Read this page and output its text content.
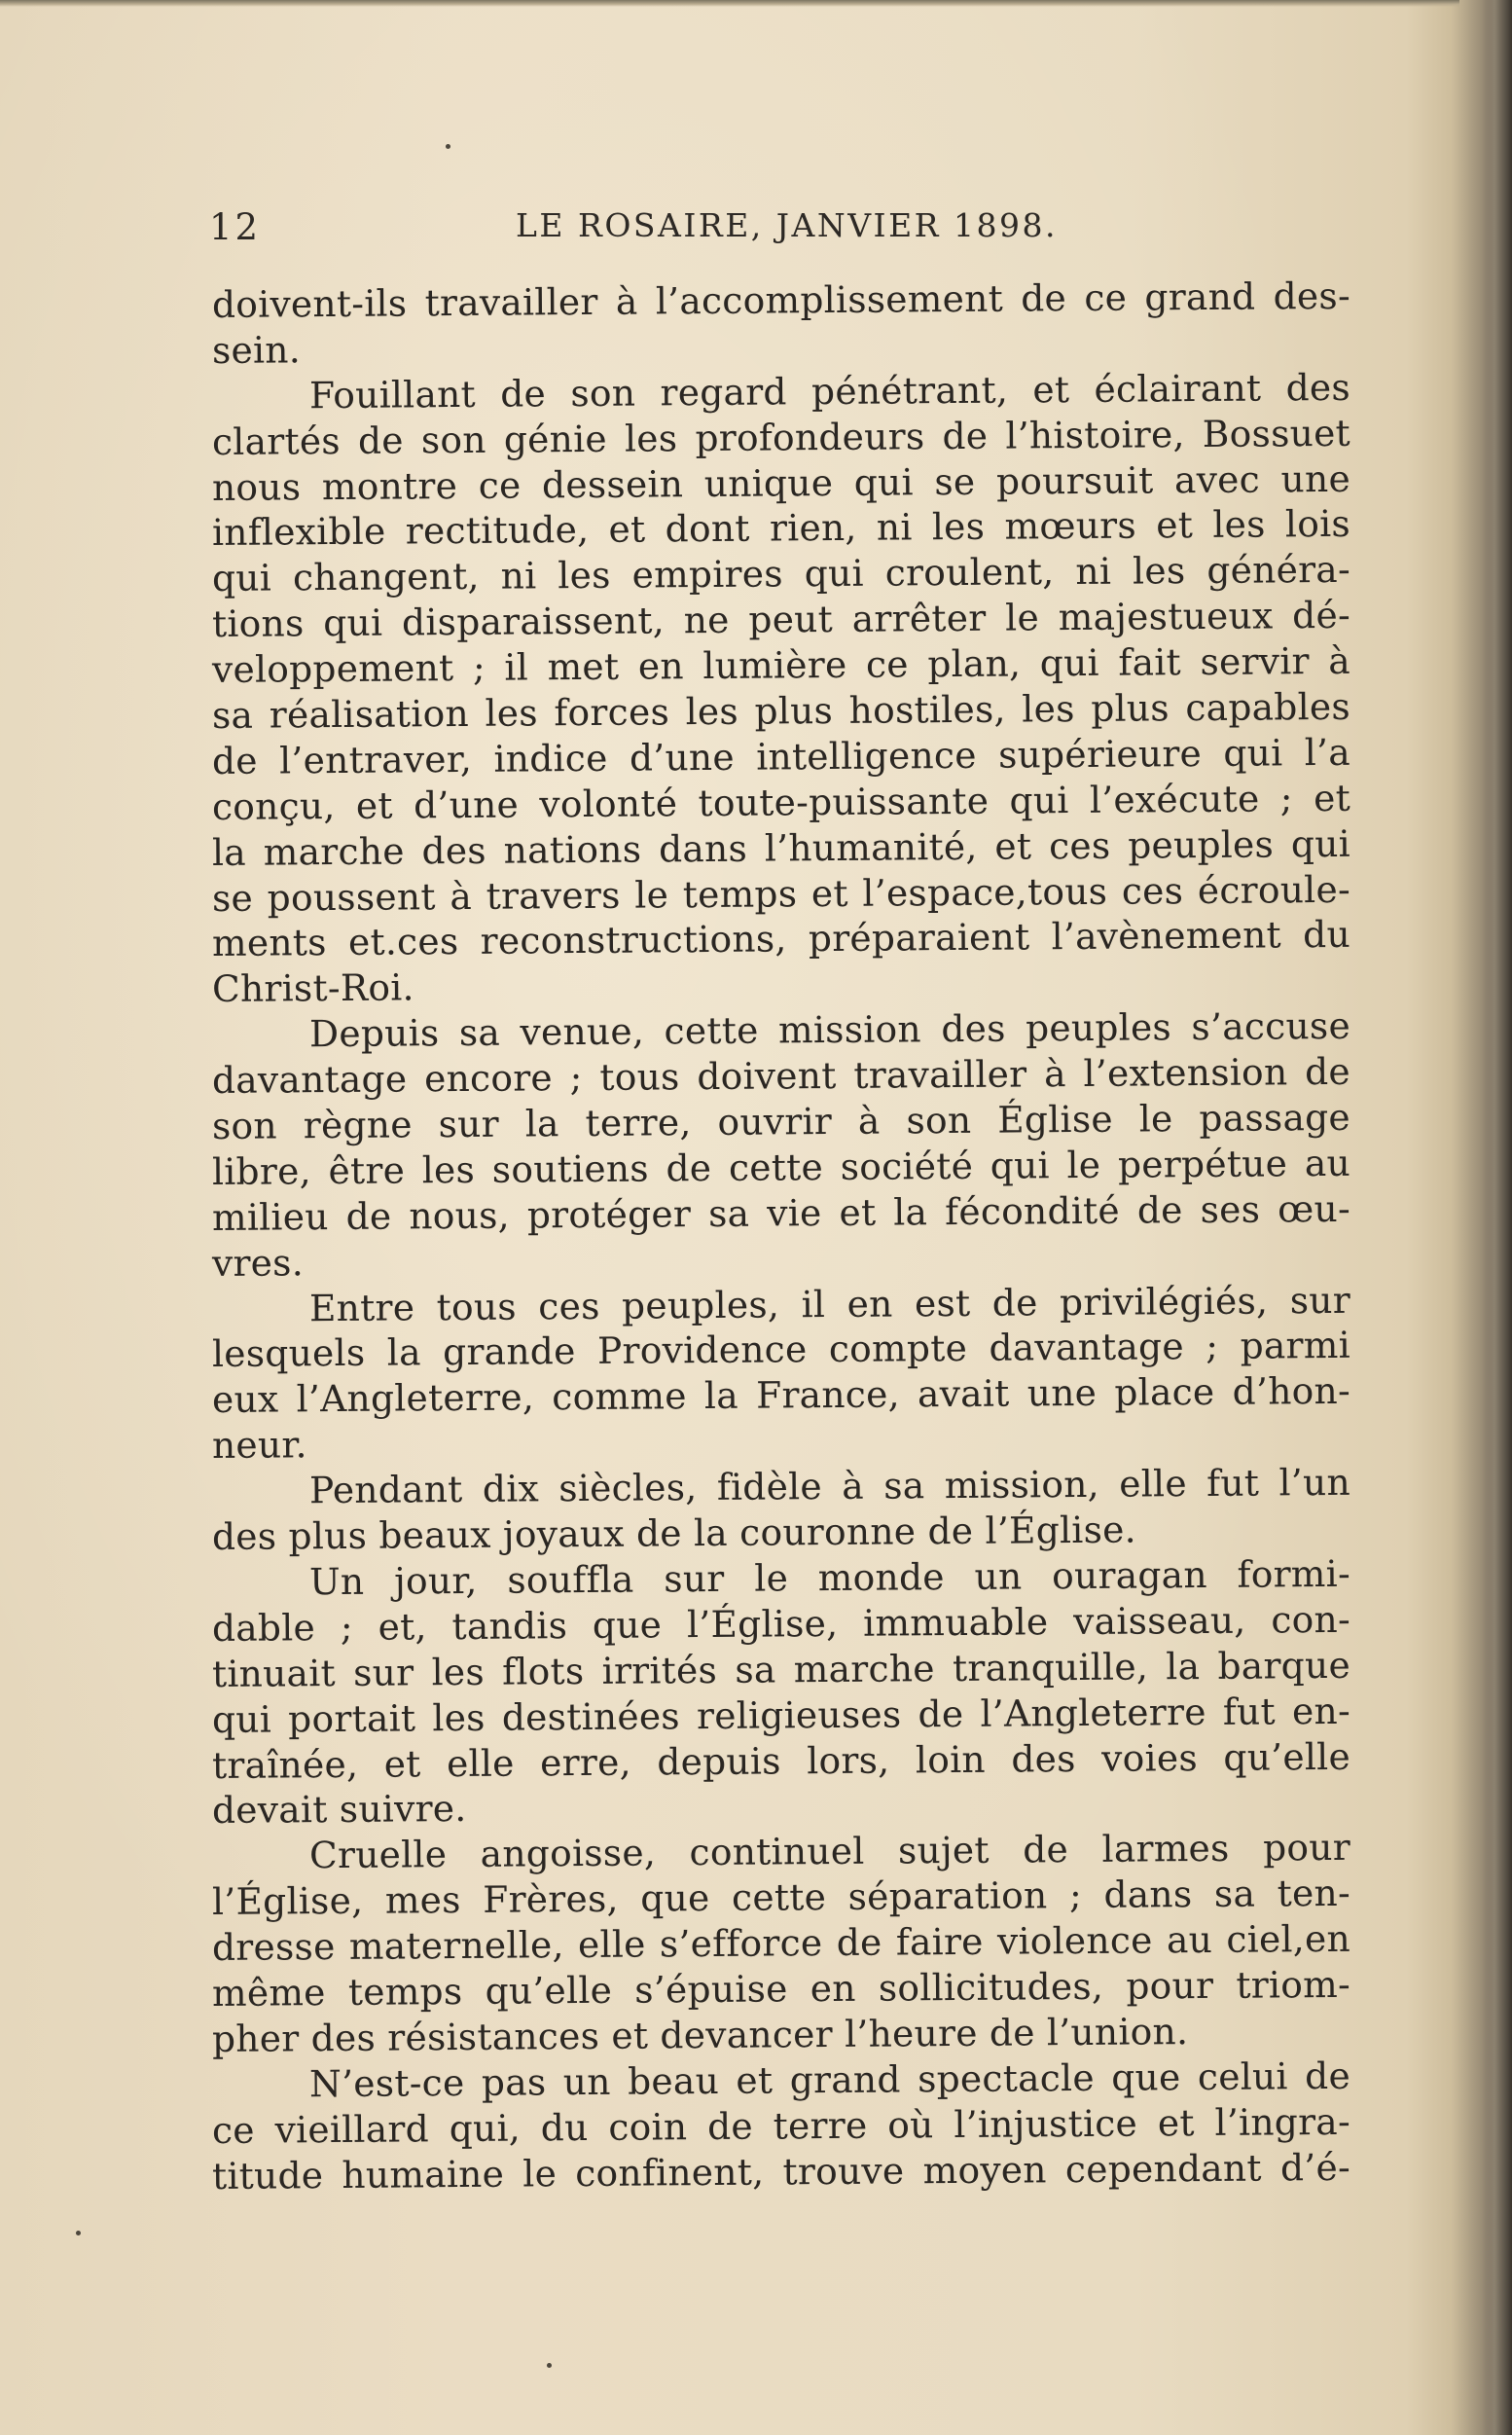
12	LE ROSAIRE, JANVIER 1898.
doivent-ils travailler à l’accomplissement de ce grand des-
sein.
Fouillant de son regard pénétrant, et éclairant des
clartés de son génie les profondeurs de l’histoire, Bossuet
nous montre ce dessein unique qui se poursuit avec une
inflexible rectitude, et dont rien, ni les mœurs et les lois
qui changent, ni les empires qui croulent, ni les généra-
tions qui disparaissent, ne peut arrêter le majestueux dé-
veloppement ; il met en lumière ce plan, qui fait servir à
sa réalisation les forces les plus hostiles, les plus capables
de l’entraver, indice d’une intelligence supérieure qui l’a
conçu, et d’une volonté toute-puissante qui l’exécute ; et
la marche des nations dans l’humanité, et ces peuples qui
se poussent à travers le temps et l’espace,tous ces écroule-
ments et.ces reconstructions, préparaient l’avènement du
Christ-Roi.
Depuis sa venue, cette mission des peuples s’accuse
davantage encore ; tous doivent travailler à l’extension de
son règne sur la terre, ouvrir à son Église le passage
libre, être les soutiens de cette société qui le perpétue au
milieu de nous, protéger sa vie et la fécondité de ses œu-
vres.
Entre tous ces peuples, il en est de privilégiés, sur
lesquels la grande Providence compte davantage ; parmi
eux l’Angleterre, comme la France, avait une place d’hon-
neur.
Pendant dix siècles, fidèle à sa mission, elle fut l’un
des plus beaux joyaux de la couronne de l’Église.
Un jour, souffla sur le monde un ouragan formi-
dable ; et, tandis que l’Église, immuable vaisseau, con-
tinuait sur les flots irrités sa marche tranquille, la barque
qui portait les destinées religieuses de l’Angleterre fut en-
traînée, et elle erre, depuis lors, loin des voies qu’elle
devait suivre.
Cruelle angoisse, continuel sujet de larmes pour
l’Église, mes Frères, que cette séparation ; dans sa ten-
dresse maternelle, elle s’efforce de faire violence au ciel,en
même temps qu’elle s’épuise en sollicitudes, pour triom-
pher des résistances et devancer l’heure de l’union.
N’est-ce pas un beau et grand spectacle que celui de
ce vieillard qui, du coin de terre où l’injustice et l’ingra-
titude humaine le confinent, trouve moyen cependant d’é-
